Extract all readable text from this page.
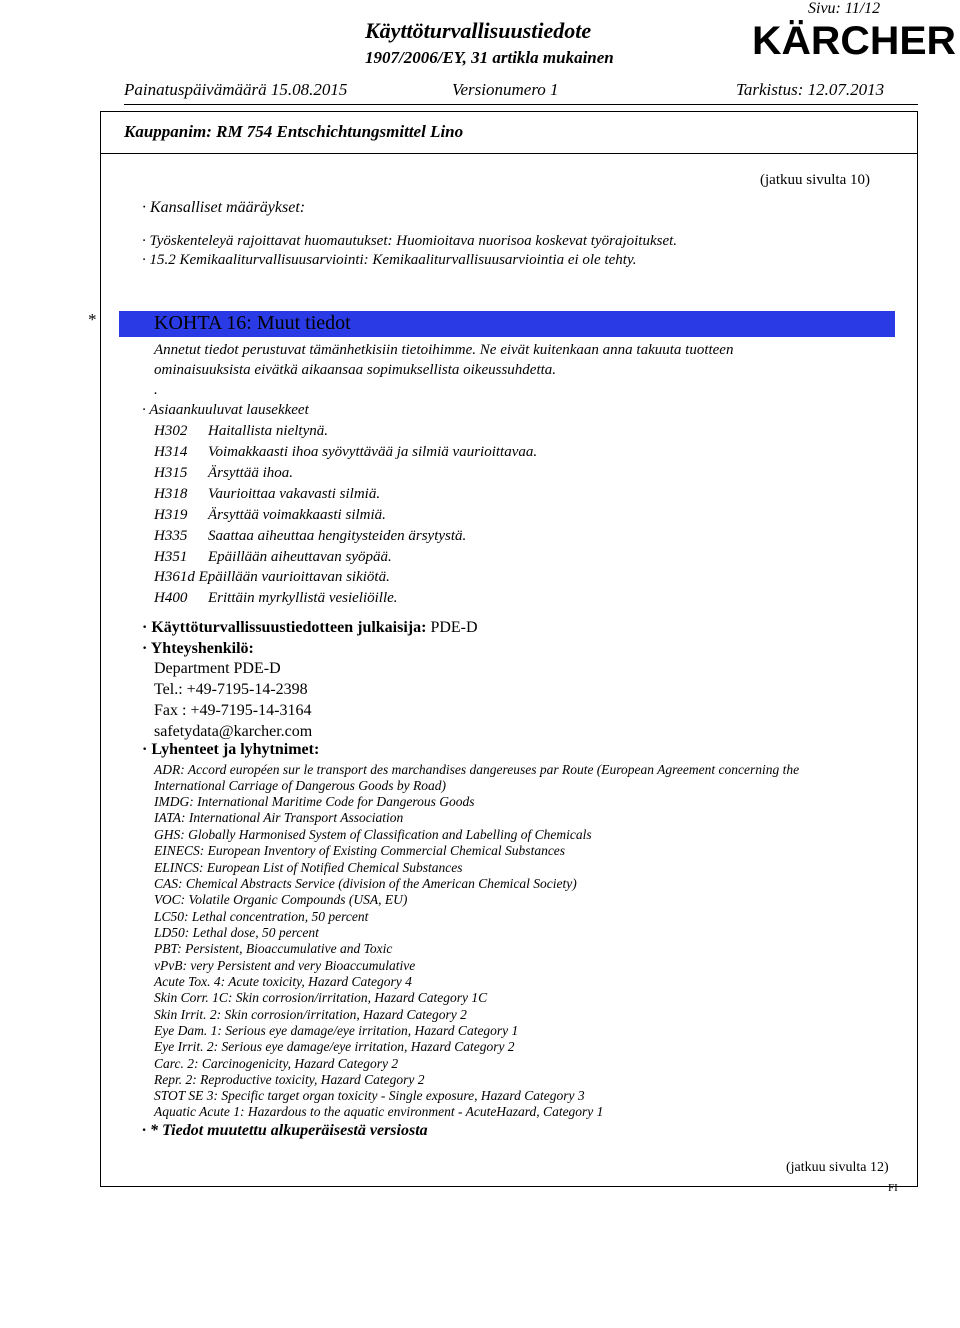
Sivu: 11/12
Käyttöturvallisuustiedote
1907/2006/EY, 31 artikla mukainen	KÄRCHER
Painatuspäivämäärä 15.08.2015	Versionumero 1	Tarkistus: 12.07.2013
Kauppanim: RM 754 Entschichtungsmittel Lino
(jatkuu sivulta 10)
· Kansalliset määräykset:
· Työskenteleyä rajoittavat huomautukset: Huomioitava nuorisoa koskevat työrajoitukset.
· 15.2 Kemikaaliturvallisuusarviointi: Kemikaaliturvallisuusarviointia ei ole tehty.
*	KOHTA 16: Muut tiedot
Annetut tiedot perustuvat tämänhetkisiin tietoihimme. Ne eivät kuitenkaan anna takuuta tuotteen
ominaisuuksista eivätkä aikaansaa sopimuksellista oikeussuhdetta.
.
· Asiaankuuluvat lausekkeet
H302 Haitallista nieltynä.
H314 Voimakkaasti ihoa syövyttävää ja silmiä vaurioittavaa.
H315 Ärsyttää ihoa.
H318 Vaurioittaa vakavasti silmiä.
H319 Ärsyttää voimakkaasti silmiä.
H335 Saattaa aiheuttaa hengitysteiden ärsytystä.
H351 Epäillään aiheuttavan syöpää.
H361d Epäillään vaurioittavan sikiötä.
H400 Erittäin myrkyllistä vesieliöille.
· Käyttöturvallissuustiedotteen julkaisija: PDE-D
· Yhteyshenkilö:
Department PDE-D
Tel.: +49-7195-14-2398
Fax : +49-7195-14-3164
safetydata@karcher.com
· Lyhenteet ja lyhytnimet:
ADR: Accord européen sur le transport des marchandises dangereuses par Route (European Agreement concerning the
International Carriage of Dangerous Goods by Road)
IMDG: International Maritime Code for Dangerous Goods
IATA: International Air Transport Association
GHS: Globally Harmonised System of Classification and Labelling of Chemicals
EINECS: European Inventory of Existing Commercial Chemical Substances
ELINCS: European List of Notified Chemical Substances
CAS: Chemical Abstracts Service (division of the American Chemical Society)
VOC: Volatile Organic Compounds (USA, EU)
LC50: Lethal concentration, 50 percent
LD50: Lethal dose, 50 percent
PBT: Persistent, Bioaccumulative and Toxic
vPvB: very Persistent and very Bioaccumulative
Acute Tox. 4: Acute toxicity, Hazard Category 4
Skin Corr. 1C: Skin corrosion/irritation, Hazard Category 1C
Skin Irrit. 2: Skin corrosion/irritation, Hazard Category 2
Eye Dam. 1: Serious eye damage/eye irritation, Hazard Category 1
Eye Irrit. 2: Serious eye damage/eye irritation, Hazard Category 2
Carc. 2: Carcinogenicity, Hazard Category 2
Repr. 2: Reproductive toxicity, Hazard Category 2
STOT SE 3: Specific target organ toxicity - Single exposure, Hazard Category 3
Aquatic Acute 1: Hazardous to the aquatic environment - AcuteHazard, Category 1
· * Tiedot muutettu alkuperäisestä versiosta
(jatkuu sivulta 12)
FI
